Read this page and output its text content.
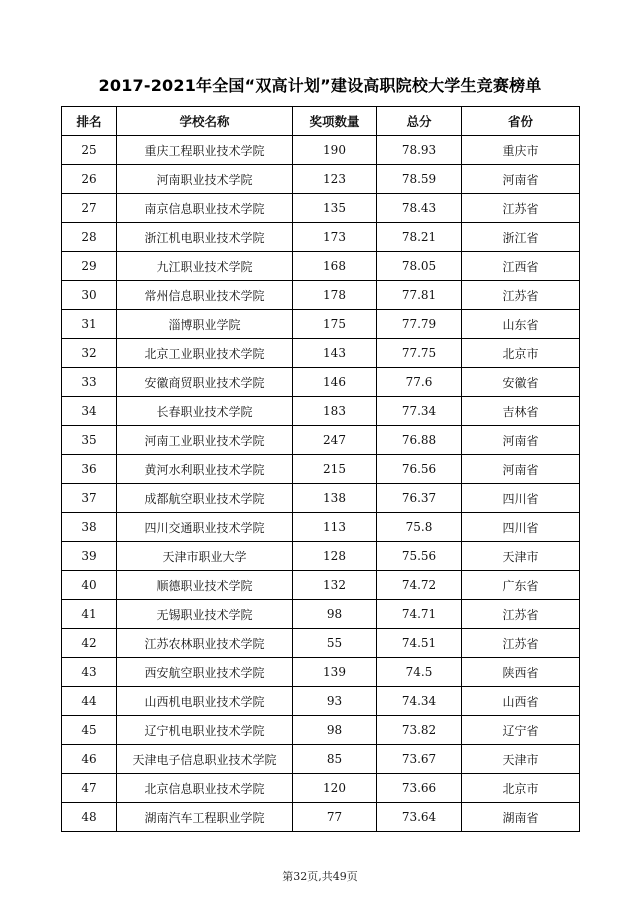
2017-2021年全国“双高计划”建设高职院校大学生竞赛榜单
排名	学校名称	奖项数量	总分	省份
25	重庆工程职业技术学院	190	78.93	重庆市
26	河南职业技术学院	123	78.59	河南省
27	南京信息职业技术学院	135	78.43	江苏省
28	浙江机电职业技术学院	173	78.21	浙江省
29	九江职业技术学院	168	78.05	江西省
30	常州信息职业技术学院	178	77.81	江苏省
31	淄博职业学院	175	77.79	山东省
32	北京工业职业技术学院	143	77.75	北京市
33	安徽商贸职业技术学院	146	77.6	安徽省
34	长春职业技术学院	183	77.34	吉林省
35	河南工业职业技术学院	247	76.88	河南省
36	黄河水利职业技术学院	215	76.56	河南省
37	成都航空职业技术学院	138	76.37	四川省
38	四川交通职业技术学院	113	75.8	四川省
39	天津市职业大学	128	75.56	天津市
40	顺德职业技术学院	132	74.72	广东省
41	无锡职业技术学院	98	74.71	江苏省
42	江苏农林职业技术学院	55	74.51	江苏省
43	西安航空职业技术学院	139	74.5	陕西省
44	山西机电职业技术学院	93	74.34	山西省
45	辽宁机电职业技术学院	98	73.82	辽宁省
46	天津电子信息职业技术学院	85	73.67	天津市
47	北京信息职业技术学院	120	73.66	北京市
48	湖南汽车工程职业学院	77	73.64	湖南省
第32页,共49页
